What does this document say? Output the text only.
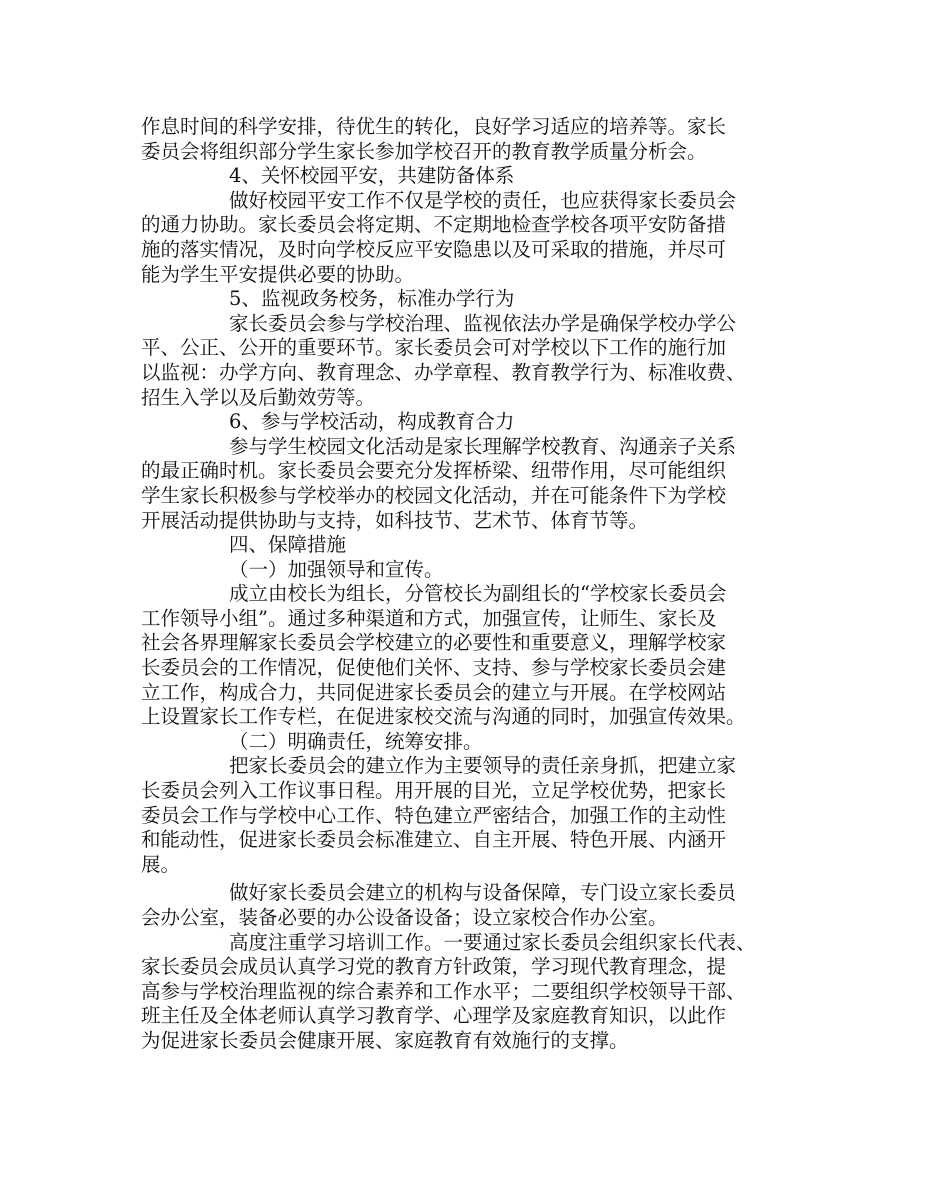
作息时间的科学安排，待优生的转化，良好学习适应的培养等。家长
委员会将组织部分学生家长参加学校召开的教育教学质量分析会。
4、关怀校园平安，共建防备体系
做好校园平安工作不仅是学校的责任，也应获得家长委员会
的通力协助。家长委员会将定期、不定期地检查学校各项平安防备措
施的落实情况，及时向学校反应平安隐患以及可采取的措施，并尽可
能为学生平安提供必要的协助。
5、监视政务校务，标准办学行为
家长委员会参与学校治理、监视依法办学是确保学校办学公
平、公正、公开的重要环节。家长委员会可对学校以下工作的施行加
以监视：办学方向、教育理念、办学章程、教育教学行为、标准收费、
招生入学以及后勤效劳等。
6、参与学校活动，构成教育合力
参与学生校园文化活动是家长理解学校教育、沟通亲子关系
的最正确时机。家长委员会要充分发挥桥梁、纽带作用，尽可能组织
学生家长积极参与学校举办的校园文化活动，并在可能条件下为学校
开展活动提供协助与支持，如科技节、艺术节、体育节等。
四、保障措施
（一）加强领导和宣传。
成立由校长为组长，分管校长为副组长的“学校家长委员会
工作领导小组”。通过多种渠道和方式，加强宣传，让师生、家长及
社会各界理解家长委员会学校建立的必要性和重要意义，理解学校家
长委员会的工作情况，促使他们关怀、支持、参与学校家长委员会建
立工作，构成合力，共同促进家长委员会的建立与开展。在学校网站
上设置家长工作专栏，在促进家校交流与沟通的同时，加强宣传效果。
（二）明确责任，统筹安排。
把家长委员会的建立作为主要领导的责任亲身抓，把建立家
长委员会列入工作议事日程。用开展的目光，立足学校优势，把家长
委员会工作与学校中心工作、特色建立严密结合，加强工作的主动性
和能动性，促进家长委员会标准建立、自主开展、特色开展、内涵开
展。
做好家长委员会建立的机构与设备保障，专门设立家长委员
会办公室，装备必要的办公设备设备；设立家校合作办公室。
高度注重学习培训工作。一要通过家长委员会组织家长代表、
家长委员会成员认真学习党的教育方针政策，学习现代教育理念，提
高参与学校治理监视的综合素养和工作水平；二要组织学校领导干部、
班主任及全体老师认真学习教育学、心理学及家庭教育知识，以此作
为促进家长委员会健康开展、家庭教育有效施行的支撑。
